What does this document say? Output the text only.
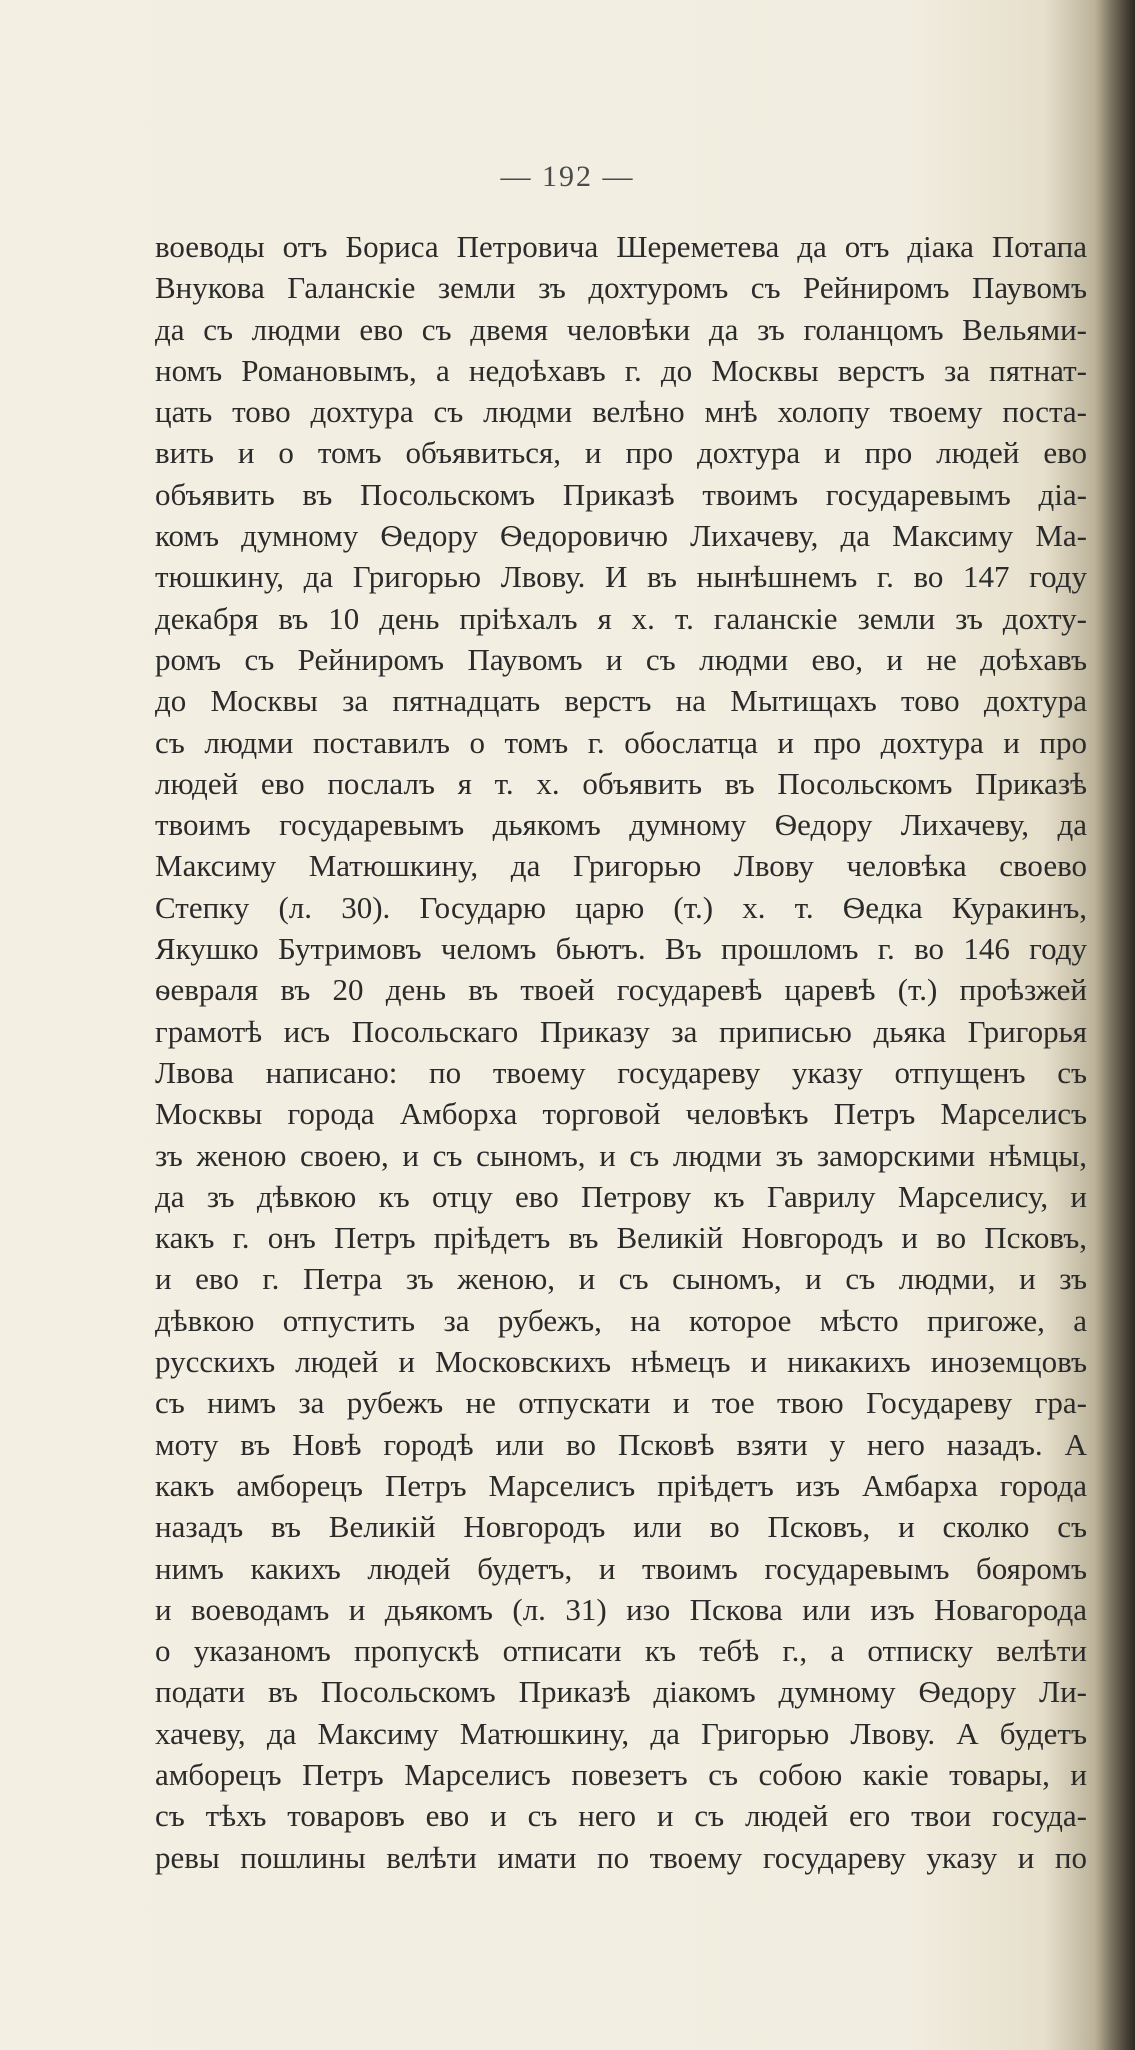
— 192 —
воеводы отъ Бориса Петровича Шереметева да отъ діака Потапа
Внукова Галанскіе земли зъ дохтуромъ съ Рейниромъ Паувомъ
да съ людми ево съ двемя человѣки да зъ голанцомъ Вельями-
номъ Романовымъ, а недоѣхавъ г. до Москвы верстъ за пятнат-
цать тово дохтура съ людми велѣно мнѣ холопу твоему поста-
вить и о томъ объявиться, и про дохтура и про людей ево
объявить въ Посольскомъ Приказѣ твоимъ государевымъ діа-
комъ думному Ѳедору Ѳедоровичю Лихачеву, да Максиму Ма-
тюшкину, да Григорью Лвову. И въ нынѣшнемъ г. во 147 году
декабря въ 10 день пріѣхалъ я х. т. галанскіе земли зъ дохту-
ромъ съ Рейниромъ Паувомъ и съ людми ево, и не доѣхавъ
до Москвы за пятнадцать верстъ на Мытищахъ тово дохтура
съ людми поставилъ о томъ г. обослатца и про дохтура и про
людей ево послалъ я т. х. объявить въ Посольскомъ Приказѣ
твоимъ государевымъ дьякомъ думному Ѳедору Лихачеву, да
Максиму Матюшкину, да Григорью Лвову человѣка своево
Степку (л. 30). Государю царю (т.) х. т. Ѳедка Куракинъ,
Якушко Бутримовъ челомъ бьютъ. Въ прошломъ г. во 146 году
ѳевраля въ 20 день въ твоей государевѣ царевѣ (т.) проѣзжей
грамотѣ исъ Посольскаго Приказу за приписью дьяка Григорья
Лвова написано: по твоему государеву указу отпущенъ съ
Москвы города Амборха торговой человѣкъ Петръ Марселисъ
зъ женою своею, и съ сыномъ, и съ людми зъ заморскими нѣмцы,
да зъ дѣвкою къ отцу ево Петрову къ Гаврилу Марселису, и
какъ г. онъ Петръ пріѣдетъ въ Великій Новгородъ и во Псковъ,
и ево г. Петра зъ женою, и съ сыномъ, и съ людми, и зъ
дѣвкою отпустить за рубежъ, на которое мѣсто пригоже, а
русскихъ людей и Московскихъ нѣмецъ и никакихъ иноземцовъ
съ нимъ за рубежъ не отпускати и тое твою Государеву гра-
моту въ Новѣ городѣ или во Псковѣ взяти у него назадъ. А
какъ амборецъ Петръ Марселисъ пріѣдетъ изъ Амбарха города
назадъ въ Великій Новгородъ или во Псковъ, и сколко съ
нимъ какихъ людей будетъ, и твоимъ государевымъ бояромъ
и воеводамъ и дьякомъ (л. 31) изо Пскова или изъ Новагорода
о указаномъ пропускѣ отписати къ тебѣ г., а отписку велѣти
подати въ Посольскомъ Приказѣ діакомъ думному Ѳедору Ли-
хачеву, да Максиму Матюшкину, да Григорью Лвову. А будетъ
амборецъ Петръ Марселисъ повезетъ съ собою какіе товары, и
съ тѣхъ товаровъ ево и съ него и съ людей его твои госуда-
ревы пошлины велѣти имати по твоему государеву указу и по
